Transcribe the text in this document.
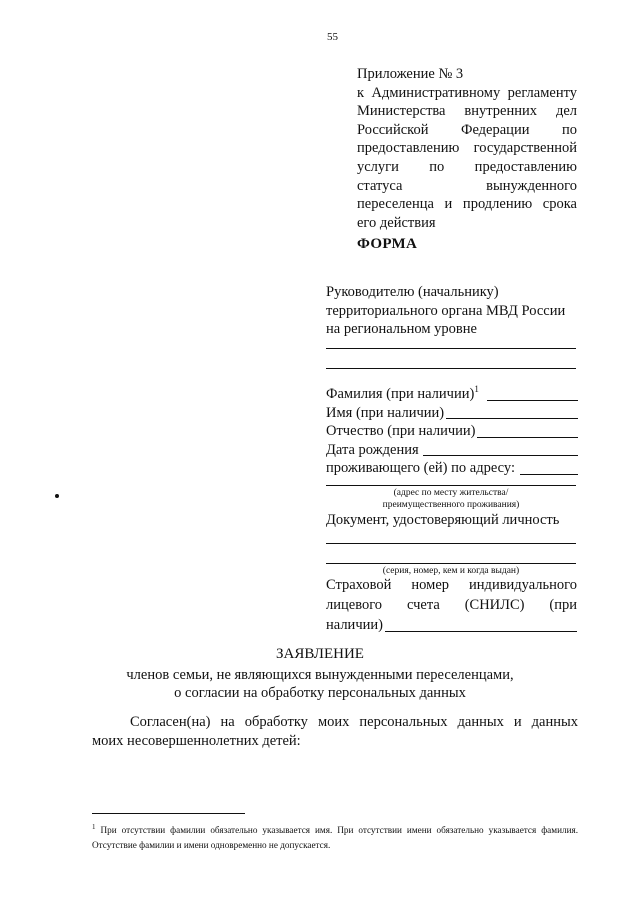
55
Приложение № 3
к Административному регламенту
Министерства внутренних дел
Российской Федерации по
предоставлению государственной
услуги по предоставлению
статуса вынужденного
переселенца и продлению срока
его действия
ФОРМА
Руководителю (начальнику)
территориального органа МВД России
на региональном уровне
Фамилия (при наличии)$^1$
Имя (при наличии)
Отчество (при наличии)
Дата рождения
проживающего (ей) по адресу:
(адрес по месту жительства/
преимущественного проживания)
Документ, удостоверяющий личность
(серия, номер, кем и когда выдан)
Страховой номер индивидуального
лицевого счета (СНИЛС) (при
наличии)
ЗАЯВЛЕНИЕ
членов семьи, не являющихся вынужденными переселенцами,
о согласии на обработку персональных данных
Согласен(на) на обработку моих персональных данных и данных
моих несовершеннолетних детей:
$^1$ При отсутствии фамилии обязательно указывается имя. При отсутствии имени обязательно указывается фамилия. Отсутствие фамилии и имени одновременно не допускается.
